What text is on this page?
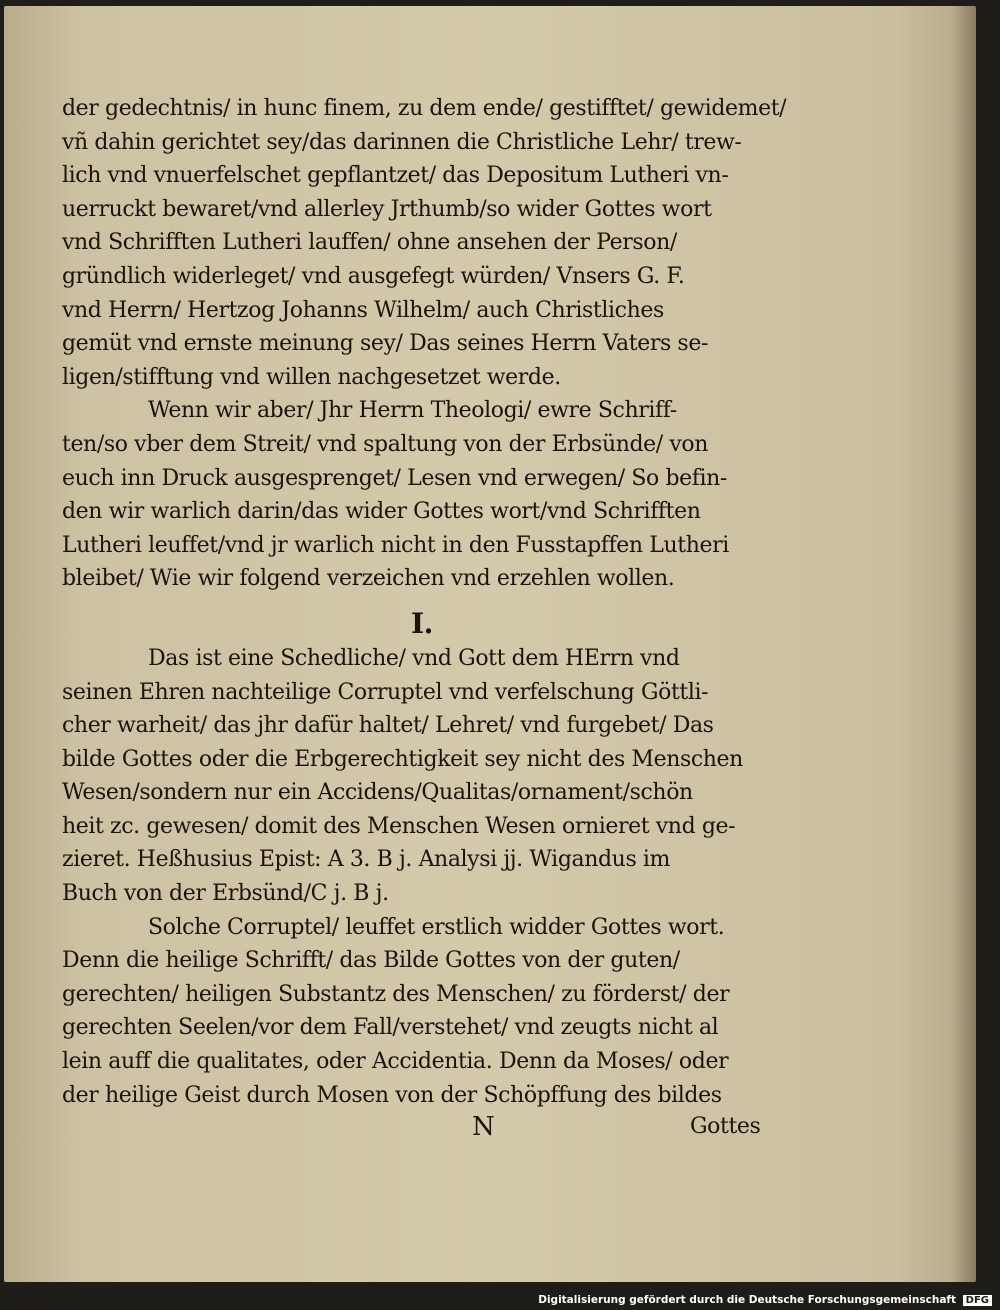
der gedechtnis/ in hunc finem, zu dem ende/ gestifftet/ gewidemet/
vñ dahin gerichtet sey/das darinnen die Christliche Lehr/ trew-
lich vnd vnuerfelschet gepflantzet/ das Depositum Lutheri vn-
uerruckt bewaret/vnd allerley Jrthumb/so wider Gottes wort
vnd Schrifften Lutheri lauffen/ ohne ansehen der Person/
gründlich widerleget/ vnd ausgefegt würden/ Vnsers G. F.
vnd Herrn/ Hertzog Johanns Wilhelm/ auch Christliches
gemüt vnd ernste meinung sey/ Das seines Herrn Vaters se-
ligen/stifftung vnd willen nachgesetzet werde.
Wenn wir aber/ Jhr Herrn Theologi/ ewre Schriff-
ten/so vber dem Streit/ vnd spaltung von der Erbsünde/ von
euch inn Druck ausgesprenget/ Lesen vnd erwegen/ So befin-
den wir warlich darin/das wider Gottes wort/vnd Schrifften
Lutheri leuffet/vnd jr warlich nicht in den Fusstapffen Lutheri
bleibet/ Wie wir folgend verzeichen vnd erzehlen wollen.
I.
Das ist eine Schedliche/ vnd Gott dem HErrn vnd
seinen Ehren nachteilige Corruptel vnd verfelschung Göttli-
cher warheit/ das jhr dafür haltet/ Lehret/ vnd furgebet/ Das
bilde Gottes oder die Erbgerechtigkeit sey nicht des Menschen
Wesen/sondern nur ein Accidens/Qualitas/ornament/schön
heit zc. gewesen/ domit des Menschen Wesen ornieret vnd ge-
zieret. Heßhusius Epist: A 3. B j. Analysi jj. Wigandus im
Buch von der Erbsünd/C j. B j.
Solche Corruptel/ leuffet erstlich widder Gottes wort.
Denn die heilige Schrifft/ das Bilde Gottes von der guten/
gerechten/ heiligen Substantz des Menschen/ zu förderst/ der
gerechten Seelen/vor dem Fall/verstehet/ vnd zeugts nicht al
lein auff die qualitates, oder Accidentia. Denn da Moses/ oder
der heilige Geist durch Mosen von der Schöpffung des bildes
N	Gottes
Digitalisierung gefördert durch die Deutsche Forschungsgemeinschaft DFG
